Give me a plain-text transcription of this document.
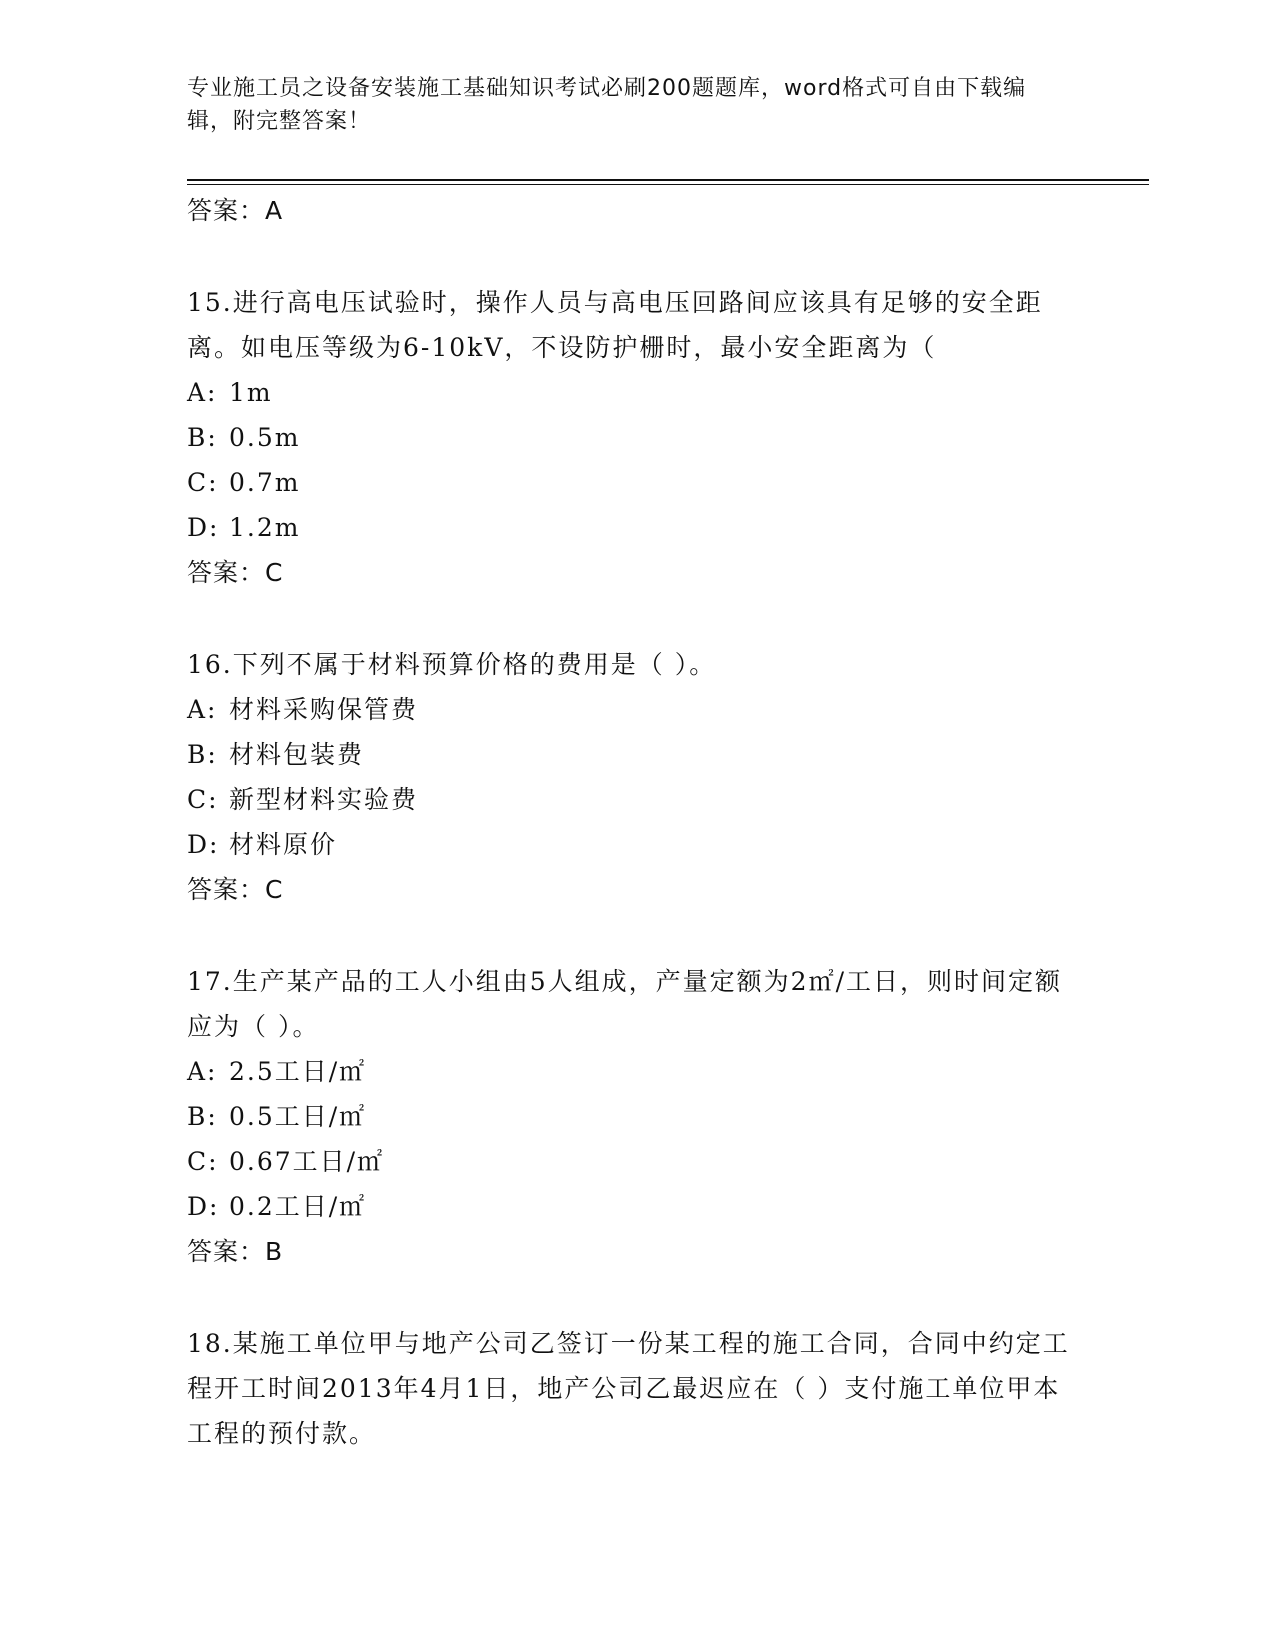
专业施工员之设备安装施工基础知识考试必刷200题题库，word格式可自由下载编辑，附完整答案！
答案：A
15.进行高电压试验时，操作人员与高电压回路间应该具有足够的安全距离。如电压等级为6-10kV，不设防护栅时，最小安全距离为（
A: 1m
B: 0.5m
C: 0.7m
D: 1.2m
答案：C
16.下列不属于材料预算价格的费用是（ ）。
A: 材料采购保管费
B: 材料包装费
C: 新型材料实验费
D: 材料原价
答案：C
17.生产某产品的工人小组由5人组成，产量定额为2㎡/工日，则时间定额应为（ ）。
A: 2.5工日/㎡
B: 0.5工日/㎡
C: 0.67工日/㎡
D: 0.2工日/㎡
答案：B
18.某施工单位甲与地产公司乙签订一份某工程的施工合同，合同中约定工程开工时间2013年4月1日，地产公司乙最迟应在（ ）支付施工单位甲本工程的预付款。
